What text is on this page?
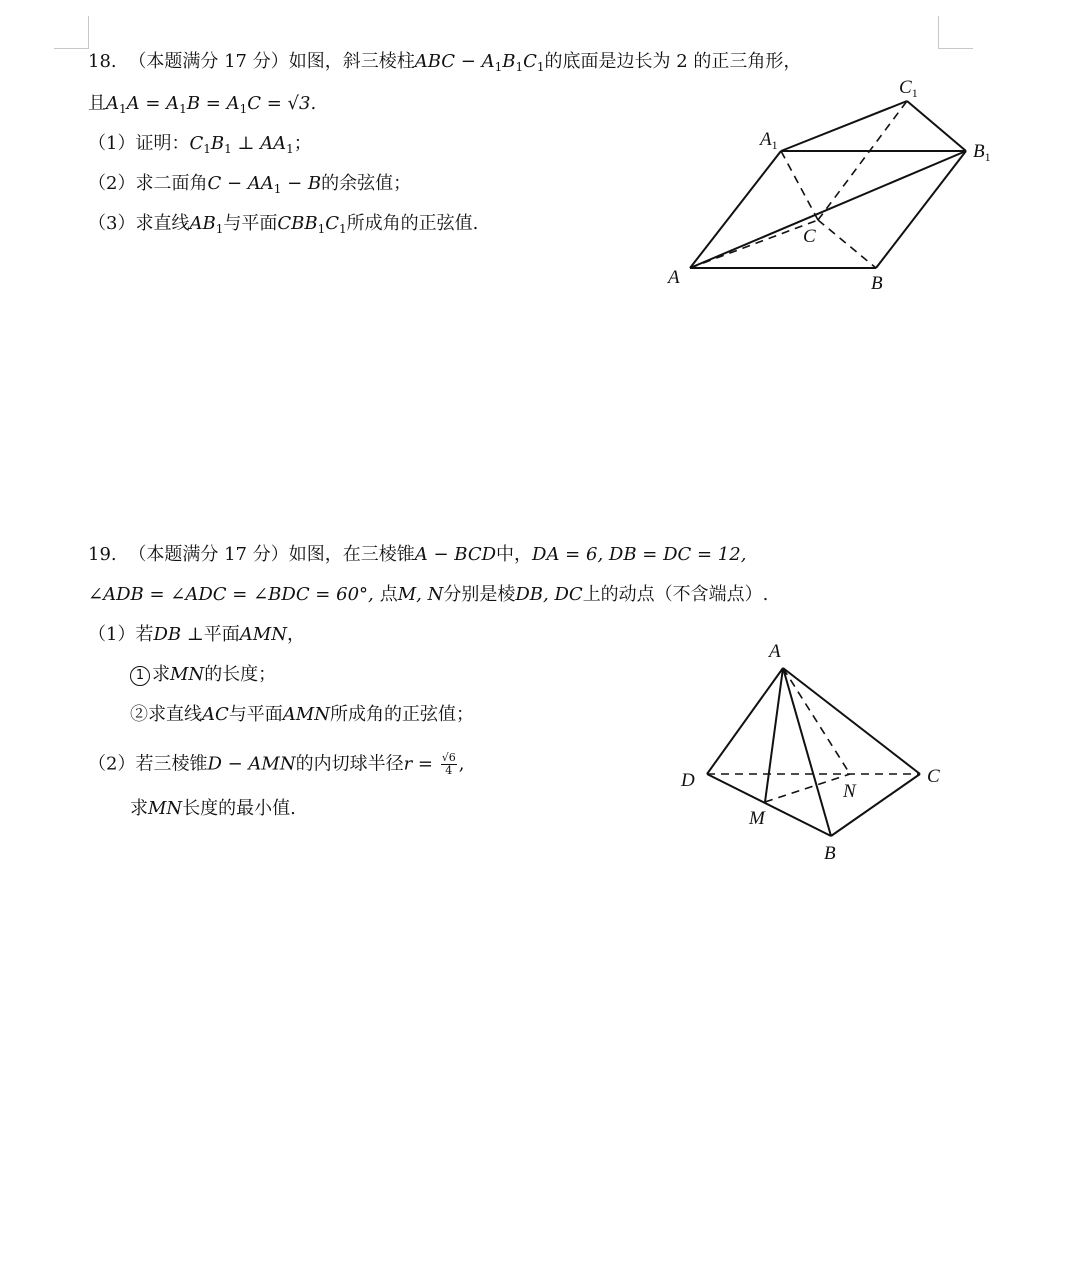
18. （本题满分 17 分）如图，斜三棱柱ABC − $A_1B_1C_1$的底面是边长为 2 的正三角形，
且$A_1A = A_1B = A_1C = √3$.
（1）证明：$C_1B_1$ ⊥ $AA_1$；
（2）求二面角$C - AA_1 - B$的余弦值；
（3）求直线$AB_1$与平面$CBB_1C_1$所成角的正弦值.
A	B
C
$A_1$	$B_1$
$C_1$
19. （本题满分 17 分）如图，在三棱锥A − BCD中，DA = 6, DB = DC = 12,
∠ADB = ∠ADC = ∠BDC = 60°, 点M, N分别是棱DB, DC上的动点（不含端点）.
（1）若DB ⊥平面AMN，
1 求MN的长度；
②求直线AC与平面AMN所成角的正弦值；
（2）若三棱锥D − AMN的内切球半径$r = \frac{√6}{4}$ ,
求MN长度的最小值.
A
D	C
N
M
B
